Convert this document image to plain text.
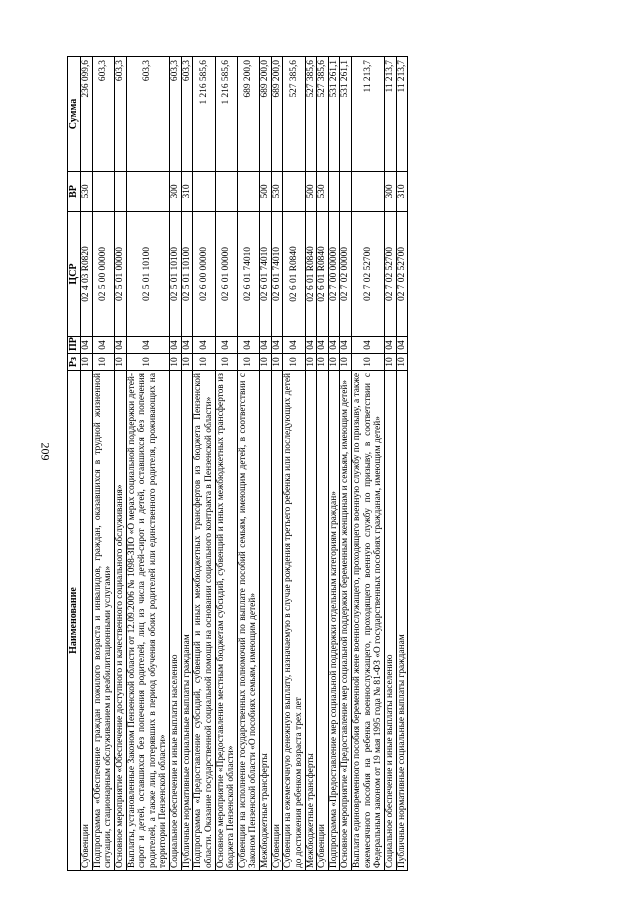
209
Наименование	Рз	ПР	ЦСР	ВР	Сумма
Субвенции	10	04	02 4 03 R0820	530	236 099,6
Подпрограмма «Обеспечение граждан пожилого возраста и инвалидов, граждан, оказавшихся в трудной жизненной ситуации, стационарным обслуживанием и реабилитационными услугами»	10	04	02 5 00 00000		603,3
Основное мероприятие «Обеспечение доступного и качественного социального обслуживания»	10	04	02 5 01 00000		603,3
Выплаты, установленные Законом Пензенской области от 12.09.2006 № 1098-ЗПО «О мерах социальной поддержки детей-сирот и детей, оставшихся без попечения родителей, лиц из числа детей-сирот и детей, оставшихся без попечения родителей, а также лиц, потерявших в период обучения обоих родителей или единственного родителя, проживающих на территории Пензенской области»	10	04	02 5 01 10100		603,3
Социальное обеспечение и иные выплаты населению	10	04	02 5 01 10100	300	603,3
Публичные нормативные социальные выплаты гражданам	10	04	02 5 01 10100	310	603,3
Подпрограмма «Предоставление субсидий, субвенций и иных межбюджетных трансфертов из бюджета Пензенской области. Оказание государственной социальной помощи на основании социального контракта в Пензенской области»	10	04	02 6 00 00000		1 216 585,6
Основное мероприятие «Предоставление местным бюджетам субсидий, субвенций и иных межбюджетных трансфертов из бюджета Пензенской области»	10	04	02 6 01 00000		1 216 585,6
Субвенции на исполнение государственных полномочий по выплате пособий семьям, имеющим детей, в соответствии с Законом Пензенской области «О пособиях семьям, имеющим детей»	10	04	02 6 01 74010		689 200,0
Межбюджетные трансферты	10	04	02 6 01 74010	500	689 200,0
Субвенции	10	04	02 6 01 74010	530	689 200,0
Субвенции на ежемесячную денежную выплату, назначаемую в случае рождения третьего ребенка или последующих детей до достижения ребенком возраста трех лет	10	04	02 6 01 R0840		527 385,6
Межбюджетные трансферты	10	04	02 6 01 R0840	500	527 385,6
Субвенции	10	04	02 6 01 R0840	530	527 385,6
Подпрограмма «Предоставление мер социальной поддержки отдельным категориям граждан»	10	04	02 7 00 00000		531 261,1
Основное мероприятие «Предоставление мер социальной поддержки беременным женщинам и семьям, имеющим детей»	10	04	02 7 02 00000		531 261,1
Выплата единовременного пособия беременной жене военнослужащего, проходящего военную службу по призыву, а также ежемесячного пособия на ребенка военнослужащего, проходящего военную службу по призыву, в соответствии с Федеральным законом от 19 мая 1995 года № 81-ФЗ «О государственных пособиях гражданам, имеющим детей»	10	04	02 7 02 52700		11 213,7
Социальное обеспечение и иные выплаты населению	10	04	02 7 02 52700	300	11 213,7
Публичные нормативные социальные выплаты гражданам	10	04	02 7 02 52700	310	11 213,7
